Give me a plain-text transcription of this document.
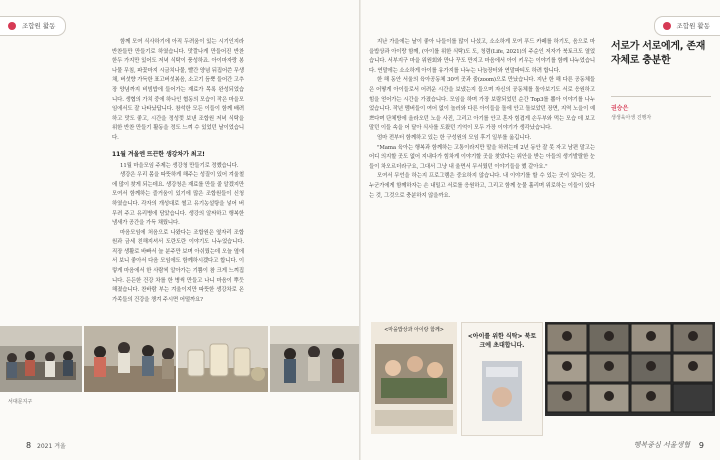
조합원 활동

함께 모여 식사하기에 아직 두려움이 있는 시기인지라 반찬들만 만들기로 하였습니다. 맛깔나게 만들어진 반찬 한두 가지만 있어도 저녁 식탁이 풍성하죠. 아이마자랑 봉나물 무침, 파꽃마지 시금치나물, 빨간 양념 뒤집어쓴 무생채, 버섯향 가득한 표고버섯볶음, 소고기 듬뿍 들어간 고추장 양념까지 비빔밥에 들어가는 재료가 목록 완성되었습니다. 생협의 가치 중에 하나인 협동의 모습이 작은 마을모임에서도 잘 나타났답니다. 참석한 모든 이들이 함께 배려하고 맛도 좋고, 시간을 정성껏 보낸 조합원 저녁 식탁을 위한 반찬 만들기 활동을 정도 느껴 수 있었던 날이었습니다.

11월 겨울엔 뜨끈한 생강차가 최고!

11월 마을모임 주제는 생강청 만들기로 정했습니다.

생강은 우리 몸을 따뜻하게 해주는 성질이 있어 겨울철에 많이 찾게 되는데요. 생강청은 재료를 만들 줄 알겠지만 모여서 함께하는 즐거움이 있기에 많은 조합원들이 신청하였습니다. 각자의 개성대로 썰고 유기농설탕을 넣어 버무려 주고 유리병에 담았습니다. 생강의 알싸하고 행복한 냄새가 공간을 가득 채웠니다.

마음모임에 처음으로 나왔다는 조합원은 옆자리 조합원과 금세 친해지셔서 도란도란 이야기도 나누었습니다. 직장 생활로 바빠서 늘 분주만 보며 아쉬웠는데 오늘 옆에서 보니 좋아서 다음 모임에도 함께하시겠다고 합니다. 이렇게 마음에서 한 사람씩 알아가는 기쁨이 참 크게 느껴집니다. 든든한 건강 차를 한 병씩 만들고 나니 마음이 뿌듯해졌습니다. 찬바람 부는 겨울이지만 따뜻한 생강차로 온 가족들의 건강을 챙겨 주시면 어떨까요?

서대문지구
8 2021 겨울
조합원 활동

지난 가을에는 날이 좋아 나들이를 많이 나섰고, 소소하게 모여 푸드 카페를 하기도, 음으로 마을밥상과 아이랑 함께, (아이를 위한 식탁)도 도, 청렴(Life, 2021)의 주순인 저자가 북토크도 열었습니다. 서부지구 마을 위원회와 만나 꾸도 만지고 마음에서 아이 키우는 이야기를 함께 나누었습니다. 연말에는 소소하게 아이를 유가지를 나누는 나눔장터와 연말파티도 하려 합니다.

한 해 동안 서울의 육아공동체 30여 곳과 줌(zoom)으로 만났습니다. 지난 한 해 다른 공동체들은 어떻게 아이들로서 어려운 시간을 보냈는지 들으며 자신의 공동체를 돌아보기도 서로 응원하고 힘을 얻어가는 시간을 가졌습니다. 모임을 하며 가장 보람되었던 순간 Top3를 뽑아 이야기를 나누었습니다. 작년 맴버들이 여어 없이 놀러와 다른 아이들을 돌에 안고 돌보았던 장면, 지역 노을이 예쁘다며 단체방에 올라오던 노을 사진, 그리고 아기를 안고 혼자 힘겹게 손두부와 먹는 모습 데 보고 말던 이들 속을 어 달아 식사를 도왔던 기억이 모두 가장 이야기가 생각났습니다.

엄마 전부터 함께하고 있는 한 구성원의 모임 후기 일부를 옮깁니다.

"Mama 육아는 행복과 함께하는 고통이라지만 말을 하려는데 2년 동안 잘 못 자고 남편 말고는 어디 의지할 곳도 없어 지내다가 힘차게 이야기할 곳을 찾았다는 위안을 받는 아들의 생기발랄한 눈들이 차오르더라구요, 그대서 그냥 내 울면서 무서웠던 이야기들을 했 같아요."

모여서 무언을 하는지 프로그램은 중요하지 않습니다. 내 이야기를 할 수 있는 곳이 있다는 것, 누군가에게 함께하자는 손 내밀고 서로를 응원하고, 그리고 함께 눈물 흘리며 위로하는 이들이 있다는 것, 그것으로 충분하지 않을까요.

서로가 서로에게, 존재 자체로 충분한
권승은
생생육아생 진행자
<마을밥상과 아이랑 함께>
<아이를 위한 식탁> 북토크에 초대합니다.
행복중심 서울생협 9
